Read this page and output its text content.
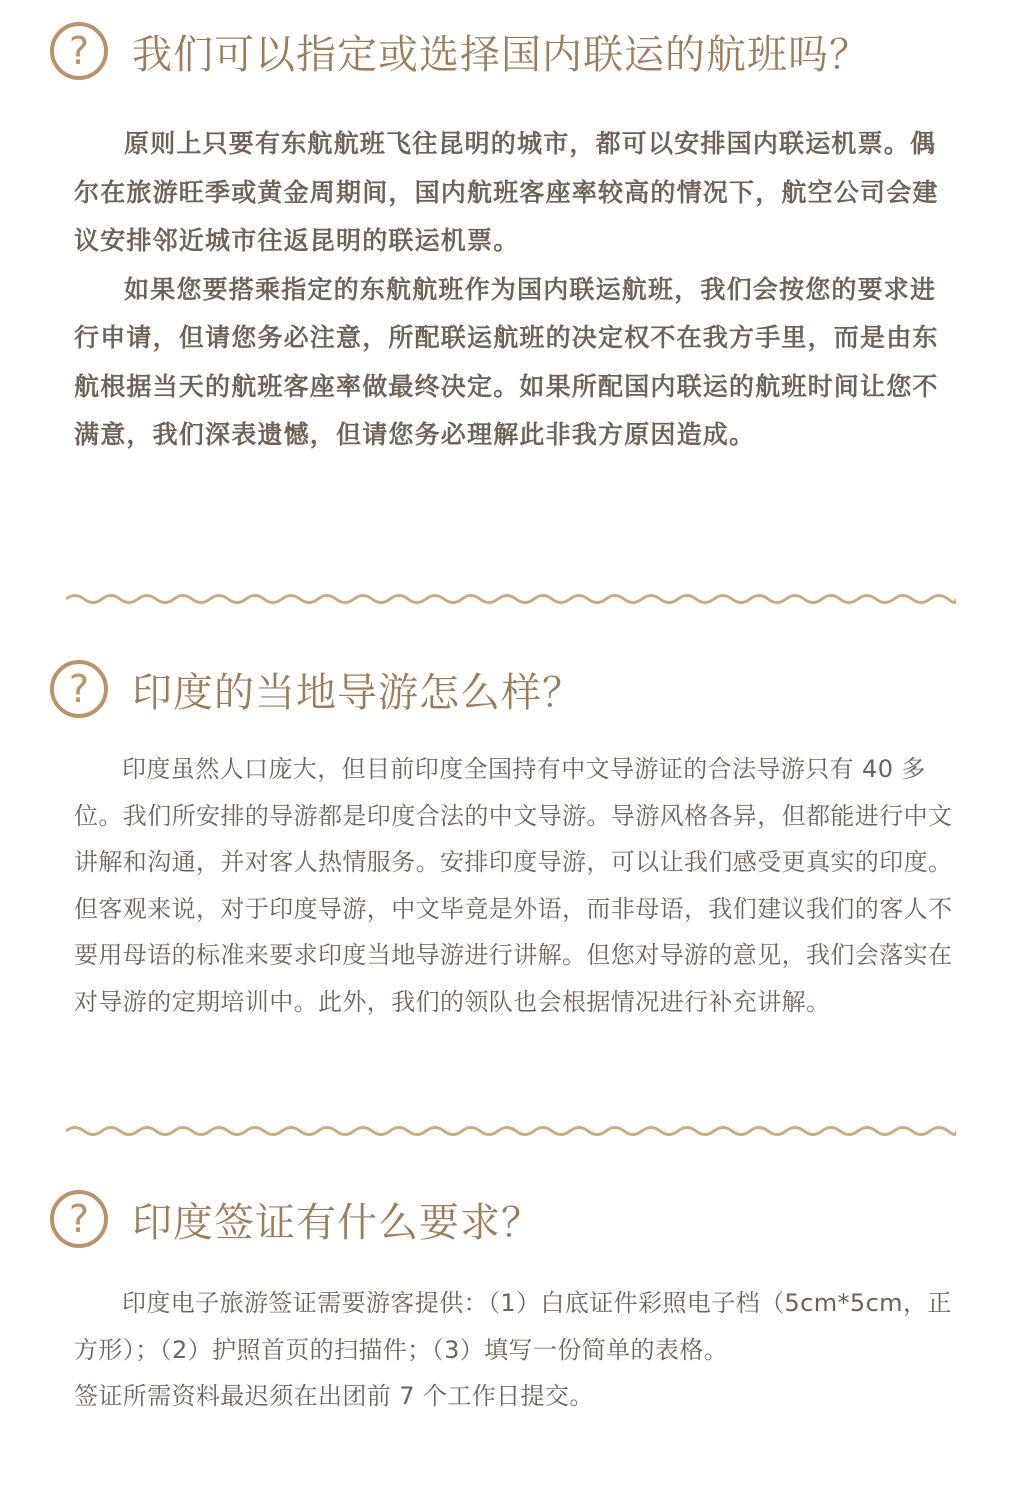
?	我们可以指定或选择国内联运的航班吗？

原则上只要有东航航班飞往昆明的城市，都可以安排国内联运机票。偶尔在旅游旺季或黄金周期间，国内航班客座率较高的情况下，航空公司会建议安排邻近城市往返昆明的联运机票。

如果您要搭乘指定的东航航班作为国内联运航班，我们会按您的要求进行申请，但请您务必注意，所配联运航班的决定权不在我方手里，而是由东航根据当天的航班客座率做最终决定。如果所配国内联运的航班时间让您不满意，我们深表遗憾，但请您务必理解此非我方原因造成。

?	印度的当地导游怎么样？

印度虽然人口庞大，但目前印度全国持有中文导游证的合法导游只有 40 多位。我们所安排的导游都是印度合法的中文导游。导游风格各异，但都能进行中文讲解和沟通，并对客人热情服务。安排印度导游，可以让我们感受更真实的印度。但客观来说，对于印度导游，中文毕竟是外语，而非母语，我们建议我们的客人不要用母语的标准来要求印度当地导游进行讲解。但您对导游的意见，我们会落实在对导游的定期培训中。此外，我们的领队也会根据情况进行补充讲解。

?	印度签证有什么要求？

印度电子旅游签证需要游客提供：（1）白底证件彩照电子档（5cm*5cm，正方形）；（2）护照首页的扫描件；（3）填写一份简单的表格。

签证所需资料最迟须在出团前 7 个工作日提交。
